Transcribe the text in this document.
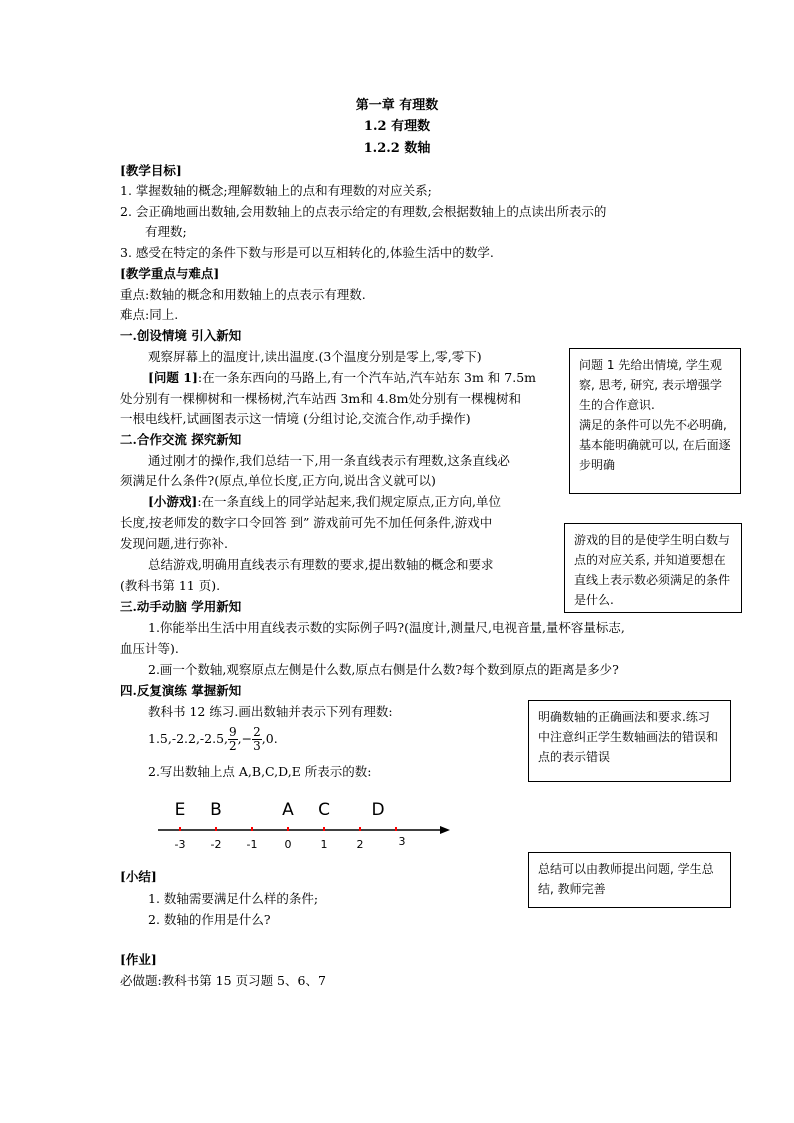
第一章 有理数
1.2 有理数
1.2.2 数轴
[教学目标]
1. 掌握数轴的概念;理解数轴上的点和有理数的对应关系;
2. 会正确地画出数轴,会用数轴上的点表示给定的有理数,会根据数轴上的点读出所表示的
有理数;
3. 感受在特定的条件下数与形是可以互相转化的,体验生活中的数学.
[教学重点与难点]
重点:数轴的概念和用数轴上的点表示有理数.
难点:同上.
一.创设情境 引入新知
观察屏幕上的温度计,读出温度.(3个温度分别是零上,零,零下)
[问题 1]:在一条东西向的马路上,有一个汽车站,汽车站东 3m 和 7.5m
处分别有一棵柳树和一棵杨树,汽车站西 3m和 4.8m处分别有一棵槐树和
一根电线杆,试画图表示这一情境 (分组讨论,交流合作,动手操作)
二.合作交流 探究新知
通过刚才的操作,我们总结一下,用一条直线表示有理数,这条直线必
须满足什么条件?(原点,单位长度,正方向,说出含义就可以)
[小游戏]:在一条直线上的同学站起来,我们规定原点,正方向,单位
长度,按老师发的数字口令回答 到” 游戏前可先不加任何条件,游戏中
发现问题,进行弥补.
总结游戏,明确用直线表示有理数的要求,提出数轴的概念和要求
(教科书第 11 页).
三.动手动脑 学用新知
1.你能举出生活中用直线表示数的实际例子吗?(温度计,测量尺,电视音量,量杯容量标志,
血压计等).
2.画一个数轴,观察原点左侧是什么数,原点右侧是什么数?每个数到原点的距离是多少?
四.反复演练 掌握新知
教科书 12 练习.画出数轴并表示下列有理数:
1.5,-2.2,-2.5, $\frac{9}{2}$ ,− $\frac{2}{3} ,0$.
2.写出数轴上点 A,B,C,D,E 所表示的数:
-3 -2 -1 0	1	2	3
E B	A C D
[小结]
1. 数轴需要满足什么样的条件;
2. 数轴的作用是什么?
[作业]
必做题:教科书第 15 页习题 5、6、7
问题 1 先给出情境, 学生观察, 思考, 研究, 表示增强学生的合作意识.
满足的条件可以先不必明确, 基本能明确就可以, 在后面逐步明确
游戏的目的是使学生明白数与点的对应关系, 并知道要想在直线上表示数必须满足的条件是什么.
明确数轴的正确画法和要求.练习中注意纠正学生数轴画法的错误和点的表示错误
总结可以由教师提出问题, 学生总结, 教师完善
